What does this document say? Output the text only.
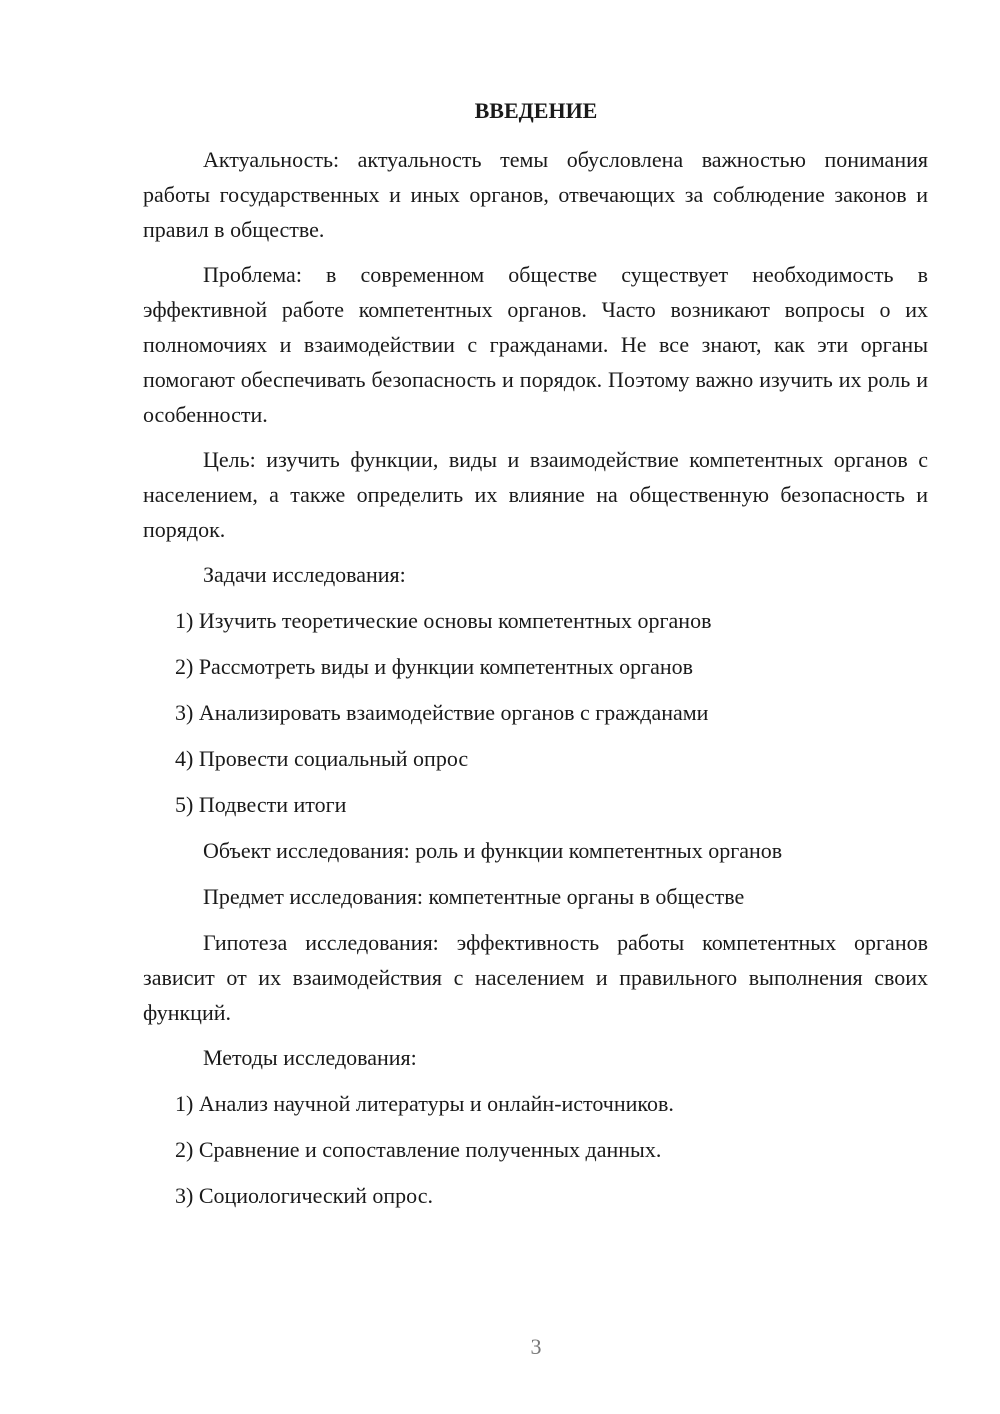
ВВЕДЕНИЕ

Актуальность: актуальность темы обусловлена важностью понимания работы государственных и иных органов, отвечающих за соблюдение законов и правил в обществе.

Проблема: в современном обществе существует необходимость в эффективной работе компетентных органов. Часто возникают вопросы о их полномочиях и взаимодействии с гражданами. Не все знают, как эти органы помогают обеспечивать безопасность и порядок. Поэтому важно изучить их роль и особенности.

Цель: изучить функции, виды и взаимодействие компетентных органов с населением, а также определить их влияние на общественную безопасность и порядок.

Задачи исследования:

1) Изучить теоретические основы компетентных органов

2) Рассмотреть виды и функции компетентных органов

3) Анализировать взаимодействие органов с гражданами

4) Провести социальный опрос

5) Подвести итоги

Объект исследования: роль и функции компетентных органов

Предмет исследования: компетентные органы в обществе

Гипотеза исследования: эффективность работы компетентных органов зависит от их взаимодействия с населением и правильного выполнения своих функций.

Методы исследования:

1) Анализ научной литературы и онлайн-источников.

2) Сравнение и сопоставление полученных данных.

3) Социологический опрос.

3
